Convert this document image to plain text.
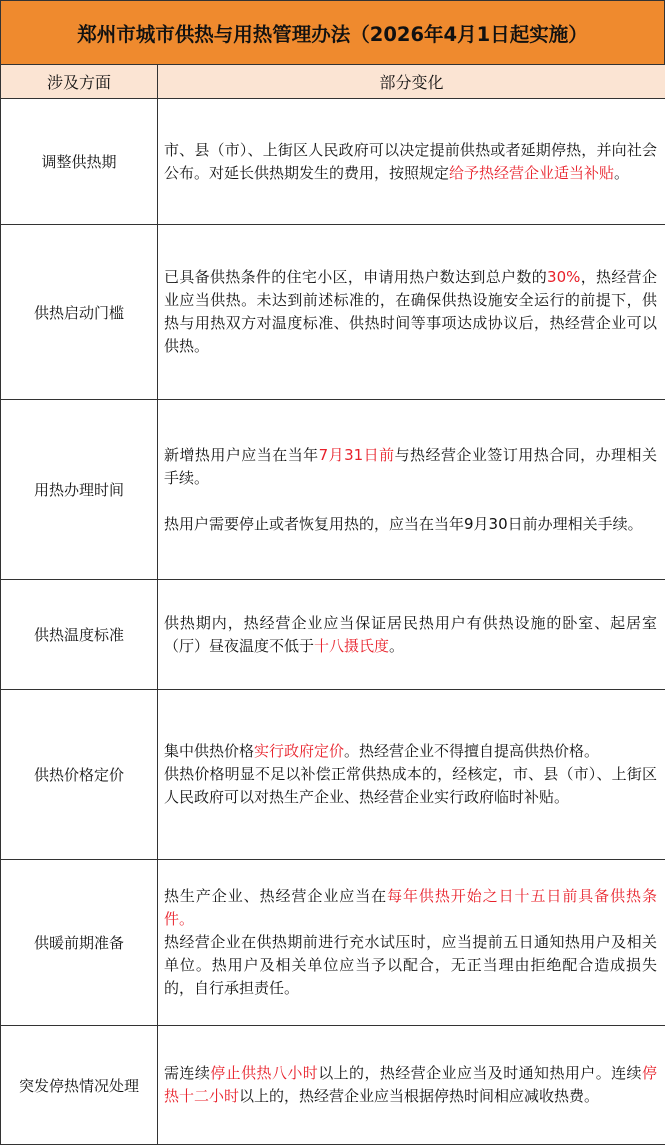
郑州市城市供热与用热管理办法（2026年4月1日起实施）
涉及方面	部分变化
调整供热期	市、县（市）、上街区人民政府可以决定提前供热或者延期停热，并向社会公布。对延长供热期发生的费用，按照规定给予热经营企业适当补贴。
供热启动门槛	已具备供热条件的住宅小区，申请用热户数达到总户数的30%，热经营企业应当供热。未达到前述标准的，在确保供热设施安全运行的前提下，供热与用热双方对温度标准、供热时间等事项达成协议后，热经营企业可以供热。
用热办理时间	新增热用户应当在当年7月31日前与热经营企业签订用热合同，办理相关手续。
热用户需要停止或者恢复用热的，应当在当年9月30日前办理相关手续。
供热温度标准	供热期内，热经营企业应当保证居民热用户有供热设施的卧室、起居室（厅）昼夜温度不低于十八摄氏度。
供热价格定价	集中供热价格实行政府定价。热经营企业不得擅自提高供热价格。
供热价格明显不足以补偿正常供热成本的，经核定，市、县（市）、上街区人民政府可以对热生产企业、热经营企业实行政府临时补贴。
供暖前期准备	热生产企业、热经营企业应当在每年供热开始之日十五日前具备供热条件。
热经营企业在供热期前进行充水试压时，应当提前五日通知热用户及相关单位。热用户及相关单位应当予以配合，无正当理由拒绝配合造成损失的，自行承担责任。
突发停热情况处理	需连续停止供热八小时以上的，热经营企业应当及时通知热用户。连续停热十二小时以上的，热经营企业应当根据停热时间相应减收热费。
